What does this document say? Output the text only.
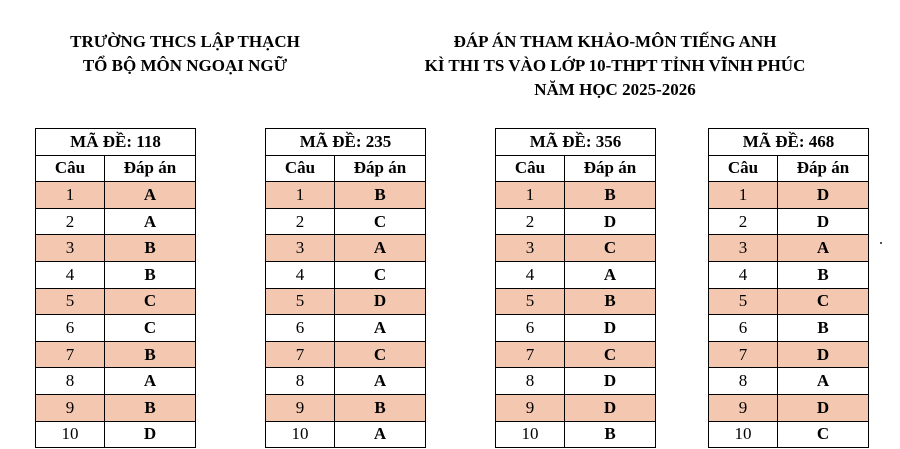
TRƯỜNG THCS LẬP THẠCH
TỔ BỘ MÔN NGOẠI NGỮ
ĐÁP ÁN THAM KHẢO-MÔN TIẾNG ANH
KÌ THI TS VÀO LỚP 10-THPT TỈNH VĨNH PHÚC
NĂM HỌC 2025-2026
MÃ ĐỀ: 118	
Câu	Đáp án
1	A
2	A
3	B
4	B
5	C
6	C
7	B
8	A
9	B
10	D
MÃ ĐỀ: 235	
Câu	Đáp án
1	B
2	C
3	A
4	C
5	D
6	A
7	C
8	A
9	B
10	A
MÃ ĐỀ: 356	
Câu	Đáp án
1	B
2	D
3	C
4	A
5	B
6	D
7	C
8	D
9	D
10	B
MÃ ĐỀ: 468	
Câu	Đáp án
1	D
2	D
3	A
4	B
5	C
6	B
7	D
8	A
9	D
10	C
